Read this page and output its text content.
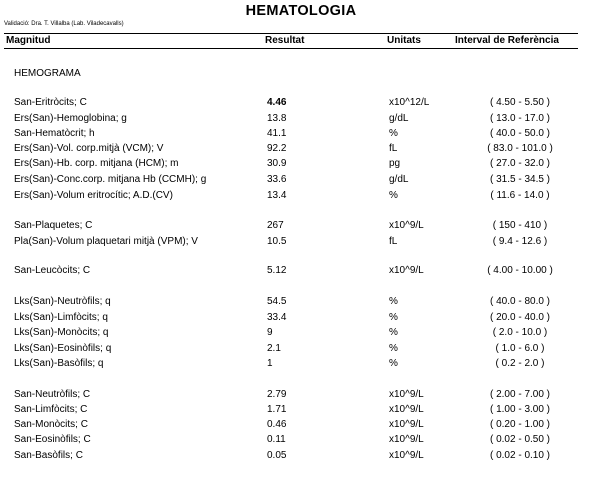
HEMATOLOGIA
Validació: Dra. T. Villalba (Lab. Viladecavalls)
Magnitud	Resultat	Unitats	Interval de Referència
HEMOGRAMA
San-Eritròcits; C	4.46	x10^12/L	( 4.50 - 5.50 )
Ers(San)-Hemoglobina; g	13.8	g/dL	( 13.0 - 17.0 )
San-Hematòcrit; h	41.1	%	( 40.0 - 50.0 )
Ers(San)-Vol. corp.mitjà (VCM); V	92.2	fL	( 83.0 - 101.0 )
Ers(San)-Hb. corp. mitjana (HCM); m	30.9	pg	( 27.0 - 32.0 )
Ers(San)-Conc.corp. mitjana Hb (CCMH); g	33.6	g/dL	( 31.5 - 34.5 )
Ers(San)-Volum eritrocític; A.D.(CV)	13.4	%	( 11.6 - 14.0 )
San-Plaquetes; C	267	x10^9/L	( 150 - 410 )
Pla(San)-Volum plaquetari mitjà (VPM); V	10.5	fL	( 9.4 - 12.6 )
San-Leucòcits; C	5.12	x10^9/L	( 4.00 - 10.00 )
Lks(San)-Neutròfils; q	54.5	%	( 40.0 - 80.0 )
Lks(San)-Limfòcits; q	33.4	%	( 20.0 - 40.0 )
Lks(San)-Monòcits; q	9	%	( 2.0 - 10.0 )
Lks(San)-Eosinòfils; q	2.1	%	( 1.0 - 6.0 )
Lks(San)-Basòfils; q	1	%	( 0.2 - 2.0 )
San-Neutròfils; C	2.79	x10^9/L	( 2.00 - 7.00 )
San-Limfòcits; C	1.71	x10^9/L	( 1.00 - 3.00 )
San-Monòcits; C	0.46	x10^9/L	( 0.20 - 1.00 )
San-Eosinòfils; C	0.11	x10^9/L	( 0.02 - 0.50 )
San-Basòfils; C	0.05	x10^9/L	( 0.02 - 0.10 )
